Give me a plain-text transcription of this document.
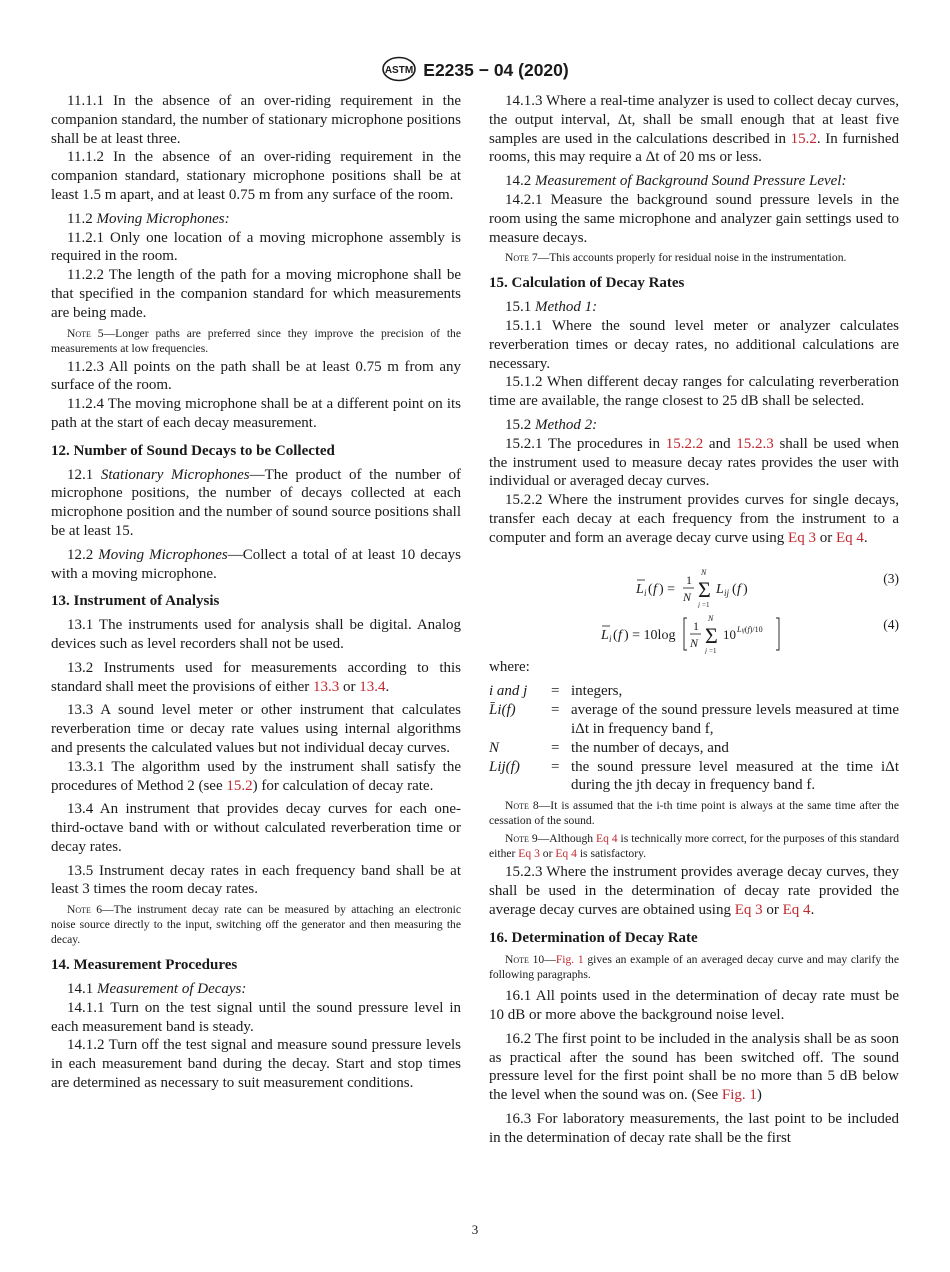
ASTM E2235 − 04 (2020)

11.1.1 In the absence of an over-riding requirement in the companion standard, the number of stationary microphone positions shall be at least three.

11.1.2 In the absence of an over-riding requirement in the companion standard, stationary microphone positions shall be at least 1.5 m apart, and at least 0.75 m from any surface of the room.

11.2 Moving Microphones:

11.2.1 Only one location of a moving microphone assembly is required in the room.

11.2.2 The length of the path for a moving microphone shall be that specified in the companion standard for which measurements are being made.

Note 5—Longer paths are preferred since they improve the precision of the measurements at low frequencies.

11.2.3 All points on the path shall be at least 0.75 m from any surface of the room.

11.2.4 The moving microphone shall be at a different point on its path at the start of each decay measurement.

12. Number of Sound Decays to be Collected

12.1 Stationary Microphones—The product of the number of microphone positions, the number of decays collected at each microphone position and the number of sound source positions shall be at least 15.

12.2 Moving Microphones—Collect a total of at least 10 decays with a moving microphone.

13. Instrument of Analysis

13.1 The instruments used for analysis shall be digital. Analog devices such as level recorders shall not be used.

13.2 Instruments used for measurements according to this standard shall meet the provisions of either 13.3 or 13.4.

13.3 A sound level meter or other instrument that calculates reverberation time or decay rate values using internal algorithms and presents the calculated values but not individual decay curves.

13.3.1 The algorithm used by the instrument shall satisfy the procedures of Method 2 (see 15.2) for calculation of decay rate.

13.4 An instrument that provides decay curves for each one-third-octave band with or without calculated reverberation time or decay rates.

13.5 Instrument decay rates in each frequency band shall be at least 3 times the room decay rates.

Note 6—The instrument decay rate can be measured by attaching an electronic noise source directly to the input, switching off the generator and then measuring the decay.
14. Measurement Procedures

14.1 Measurement of Decays:

14.1.1 Turn on the test signal until the sound pressure level in each measurement band is steady.

14.1.2 Turn off the test signal and measure sound pressure levels in each measurement band during the decay. Start and stop times are determined as necessary to suit measurement conditions.

14.1.3 Where a real-time analyzer is used to collect decay curves, the output interval, Δt, shall be small enough that at least five samples are used in the calculations described in 15.2. In furnished rooms, this may require a Δt of 20 ms or less.

14.2 Measurement of Background Sound Pressure Level:

14.2.1 Measure the background sound pressure levels in the room using the same microphone and analyzer gain settings used to measure decays.

Note 7—This accounts properly for residual noise in the instrumentation.
15. Calculation of Decay Rates

15.1 Method 1:

15.1.1 Where the sound level meter or analyzer calculates reverberation times or decay rates, no additional calculations are necessary.

15.1.2 When different decay ranges for calculating reverberation time are available, the range closest to 25 dB shall be selected.

15.2 Method 2:

15.2.1 The procedures in 15.2.2 and 15.2.3 shall be used when the instrument used to measure decay rates provides the user with individual or averaged decay curves.

15.2.2 Where the instrument provides curves for single decays, transfer each decay at each frequency from the instrument to a computer and form an average decay curve using Eq 3 or Eq 4.

L i ( f ) =
1
N
N
Σ
j =1
L ij ( f )
(3)
L i ( f ) = 10log
1
N
N
Σ
j =1
10 Lij(f)/10	(4)
where:
i and j	= integers,
L̄i(f)	= average of the sound pressure levels measured at time iΔt in frequency band f,
N	= the number of decays, and
Lij(f)	= the sound pressure level measured at the time iΔt during the jth decay in frequency band f.
Note 8—It is assumed that the i-th time point is always at the same time after the cessation of the sound.
Note 9—Although Eq 4 is technically more correct, for the purposes of this standard either Eq 3 or Eq 4 is satisfactory.

15.2.3 Where the instrument provides average decay curves, they shall be used in the determination of decay rate provided the average decay curves are obtained using Eq 3 or Eq 4.

16. Determination of Decay Rate
Note 10—Fig. 1 gives an example of an averaged decay curve and may clarify the following paragraphs.

16.1 All points used in the determination of decay rate must be 10 dB or more above the background noise level.

16.2 The first point to be included in the analysis shall be as soon as practical after the sound has been switched off. The sound pressure level for the first point shall be no more than 5 dB below the level when the sound was on. (See Fig. 1)

16.3 For laboratory measurements, the last point to be included in the determination of decay rate shall be the first

3
